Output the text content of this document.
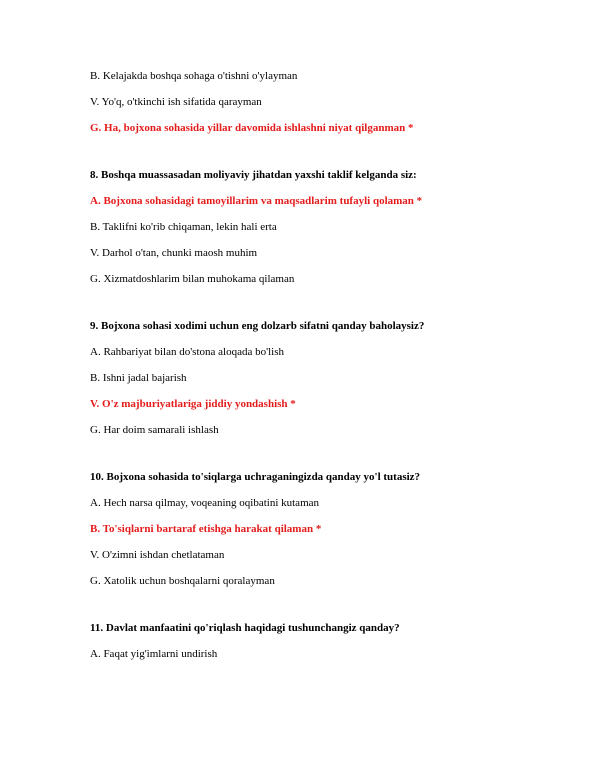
B. Kelajakda boshqa sohaga o'tishni o'ylayman
V. Yo'q, o'tkinchi ish sifatida qarayman
G. Ha, bojxona sohasida yillar davomida ishlashni niyat qilganman *
8. Boshqa muassasadan moliyaviy jihatdan yaxshi taklif kelganda siz:
A. Bojxona sohasidagi tamoyillarim va maqsadlarim tufayli qolaman *
B. Taklifni ko'rib chiqaman, lekin hali erta
V. Darhol o'tan, chunki maosh muhim
G. Xizmatdoshlarim bilan muhokama qilaman
9. Bojxona sohasi xodimi uchun eng dolzarb sifatni qanday baholaysiz?
A. Rahbariyat bilan do'stona aloqada bo'lish
B. Ishni jadal bajarish
V. O'z majburiyatlariga jiddiy yondashish *
G. Har doim samarali ishlash
10. Bojxona sohasida to'siqlarga uchraganingizda qanday yo'l tutasiz?
A. Hech narsa qilmay, voqeaning oqibatini kutaman
B. To'siqlarni bartaraf etishga harakat qilaman *
V. O'zimni ishdan chetlataman
G. Xatolik uchun boshqalarni qoralayman
11. Davlat manfaatini qo'riqlash haqidagi tushunchangiz qanday?
A. Faqat yig'imlarni undirish
